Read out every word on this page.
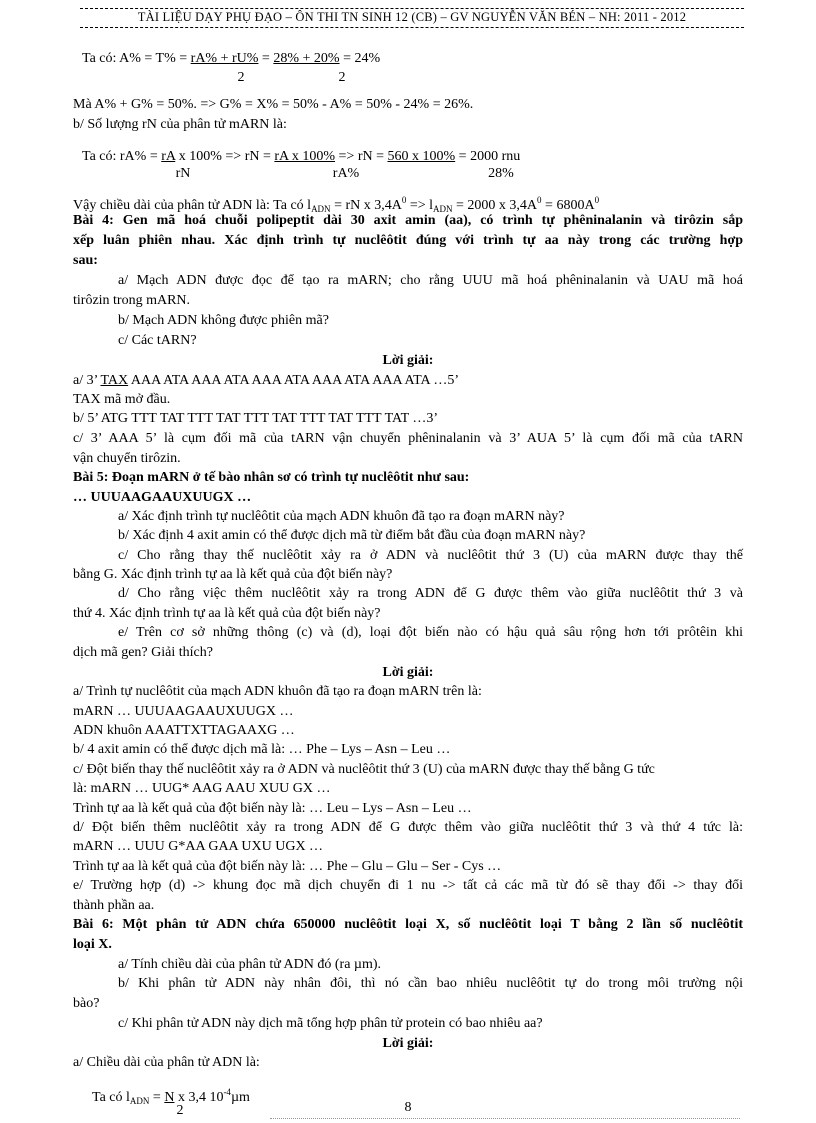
TÀI LIỆU DẠY PHỤ ĐẠO – ÔN THI TN SINH 12 (CB) – GV NGUYỄN VĂN BÉN – NH: 2011 - 2012
Ta có: A% = T% = rA% + rU% = 28% + 20% = 24%
2	2
Mà A% + G% = 50%. => G% = X% = 50% - A% = 50% - 24% = 26%.
b/ Số lượng rN của phân tử mARN là:
Ta có: rA% = rA x 100% => rN = rA x 100% => rN = 560 x 100% = 2000 rnu
rN	rA%	28%
Vậy chiều dài của phân tử ADN là: Ta có $l_{ADN}$ = rN x $3,4A^0 => l_{ADN} = 2000$ x $3,4A^0 = 6800A^0$
Bài 4: Gen mã hoá chuỗi polipeptit dài 30 axit amin (aa), có trình tự phêninalanin và tirôzin sắp
xếp luân phiên nhau. Xác định trình tự nuclêôtit đúng với trình tự aa này trong các trường hợp
sau:
a/ Mạch ADN được đọc để tạo ra mARN; cho rằng UUU mã hoá phêninalanin và UAU mã hoá
tirôzin trong mARN.
b/ Mạch ADN không được phiên mã?
c/ Các tARN?
Lời giải:
a/ 3’ TAX AAA ATA AAA ATA AAA ATA AAA ATA AAA ATA …5’
TAX mã mở đầu.
b/ 5’ ATG TTT TAT TTT TAT TTT TAT TTT TAT TTT TAT …3’
c/ 3’ AAA 5’ là cụm đối mã của tARN vận chuyển phêninalanin và 3’ AUA 5’ là cụm đối mã của tARN
vận chuyển tirôzin.
Bài 5: Đoạn mARN ở tế bào nhân sơ có trình tự nuclêôtit như sau:
… UUUAAGAAUXUUGX …
a/ Xác định trình tự nuclêôtit của mạch ADN khuôn đã tạo ra đoạn mARN này?
b/ Xác định 4 axit amin có thể được dịch mã từ điểm bắt đầu của đoạn mARN này?
c/ Cho rằng thay thế nuclêôtit xảy ra ở ADN và nuclêôtit thứ 3 (U) của mARN được thay thế
bằng G. Xác định trình tự aa là kết quả của đột biến này?
d/ Cho rằng việc thêm nuclêôtit xảy ra trong ADN để G được thêm vào giữa nuclêôtit thứ 3 và
thứ 4. Xác định trình tự aa là kết quả của đột biến này?
e/ Trên cơ sở những thông (c) và (d), loại đột biến nào có hậu quả sâu rộng hơn tới prôtêin khi
dịch mã gen? Giải thích?
Lời giải:
a/ Trình tự nuclêôtit của mạch ADN khuôn đã tạo ra đoạn mARN trên là:
mARN … UUUAAGAAUXUUGX …
ADN khuôn AAATTXTTAGAAXG …
b/ 4 axit amin có thể được dịch mã là: … Phe – Lys – Asn – Leu …
c/ Đột biến thay thế nuclêôtit xảy ra ở ADN và nuclêôtit thứ 3 (U) của mARN được thay thế bằng G tức
là: mARN … UUG* AAG AAU XUU GX …
Trình tự aa là kết quả của đột biến này là: … Leu – Lys – Asn – Leu …
d/ Đột biến thêm nuclêôtit xảy ra trong ADN để G được thêm vào giữa nuclêôtit thứ 3 và thứ 4 tức là:
mARN … UUU G*AA GAA UXU UGX …
Trình tự aa là kết quả của đột biến này là: … Phe – Glu – Glu – Ser - Cys …
e/ Trường hợp (d) -> khung đọc mã dịch chuyển đi 1 nu -> tất cả các mã từ đó sẽ thay đổi -> thay đổi
thành phần aa.
Bài 6: Một phân tử ADN chứa 650000 nuclêôtit loại X, số nuclêôtit loại T bằng 2 lần số nuclêôtit
loại X.
a/ Tính chiều dài của phân tử ADN đó (ra µm).
b/ Khi phân tử ADN này nhân đôi, thì nó cần bao nhiêu nuclêôtit tự do trong môi trường nội
bào?
c/ Khi phân tử ADN này dịch mã tổng hợp phân tử protein có bao nhiêu aa?
Lời giải:
a/ Chiều dài của phân tử ADN là:
Ta có $l_{ADN} = N$ x 3,4 $10^{-4}\mu m$
2	8
